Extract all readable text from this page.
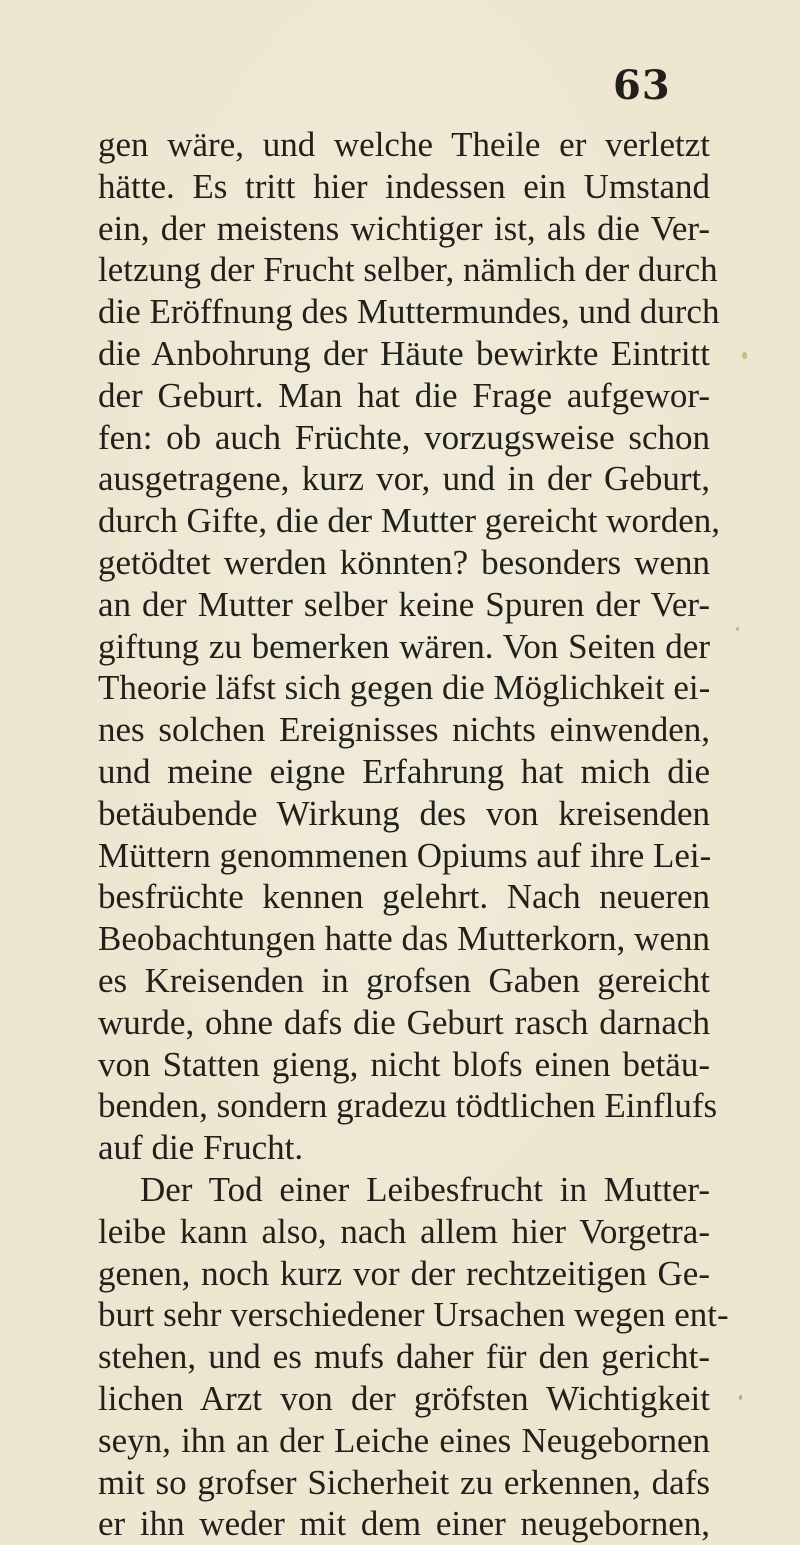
63
gen wäre, und welche Theile er verletzt
hätte. Es tritt hier indessen ein Umstand
ein, der meistens wichtiger ist, als die Ver-
letzung der Frucht selber, nämlich der durch
die Eröffnung des Muttermundes, und durch
die Anbohrung der Häute bewirkte Eintritt
der Geburt. Man hat die Frage aufgewor-
fen: ob auch Früchte, vorzugsweise schon
ausgetragene, kurz vor, und in der Geburt,
durch Gifte, die der Mutter gereicht worden,
getödtet werden könnten? besonders wenn
an der Mutter selber keine Spuren der Ver-
giftung zu bemerken wären. Von Seiten der
Theorie läfst sich gegen die Möglichkeit ei-
nes solchen Ereignisses nichts einwenden,
und meine eigne Erfahrung hat mich die
betäubende Wirkung des von kreisenden
Müttern genommenen Opiums auf ihre Lei-
besfrüchte kennen gelehrt. Nach neueren
Beobachtungen hatte das Mutterkorn, wenn
es Kreisenden in grofsen Gaben gereicht
wurde, ohne dafs die Geburt rasch darnach
von Statten gieng, nicht blofs einen betäu-
benden, sondern gradezu tödtlichen Einflufs
auf die Frucht.
Der Tod einer Leibesfrucht in Mutter-
leibe kann also, nach allem hier Vorgetra-
genen, noch kurz vor der rechtzeitigen Ge-
burt sehr verschiedener Ursachen wegen ent-
stehen, und es mufs daher für den gericht-
lichen Arzt von der gröfsten Wichtigkeit
seyn, ihn an der Leiche eines Neugebornen
mit so grofser Sicherheit zu erkennen, dafs
er ihn weder mit dem einer neugebornen,
